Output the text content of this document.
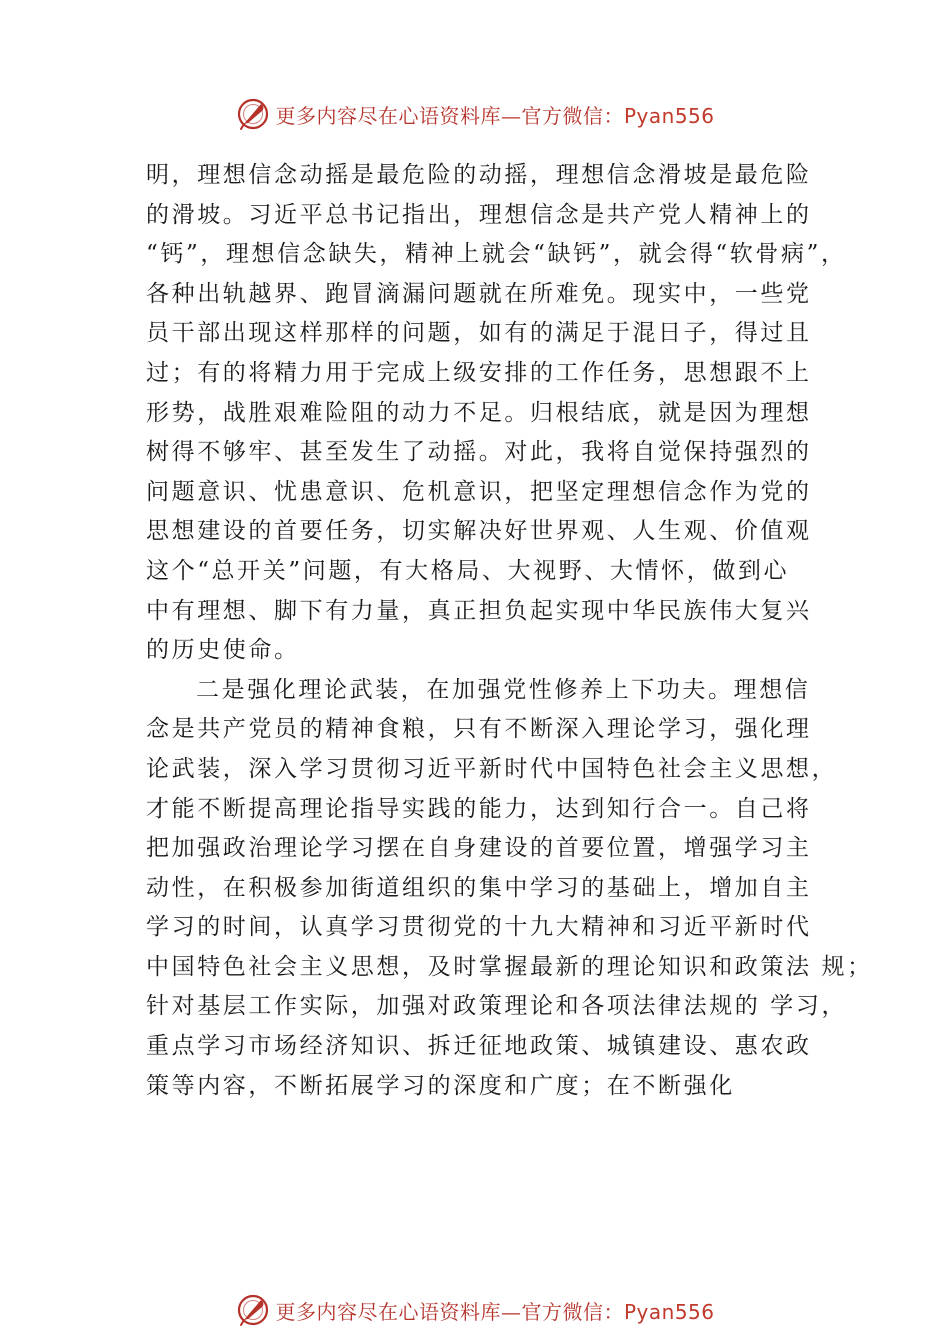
更多内容尽在心语资料库—官方微信：Pyan556
明，理想信念动摇是最危险的动摇，理想信念滑坡是最危险
的滑坡。习近平总书记指出，理想信念是共产党人精神上的
“钙”，理想信念缺失，精神上就会“缺钙”，就会得“软骨病”，
各种出轨越界、跑冒滴漏问题就在所难免。现实中，一些党
员干部出现这样那样的问题，如有的满足于混日子，得过且
过；有的将精力用于完成上级安排的工作任务，思想跟不上
形势，战胜艰难险阻的动力不足。归根结底，就是因为理想
树得不够牢、甚至发生了动摇。对此，我将自觉保持强烈的
问题意识、忧患意识、危机意识，把坚定理想信念作为党的
思想建设的首要任务，切实解决好世界观、人生观、价值观
这个“总开关”问题，有大格局、大视野、大情怀，做到心
中有理想、脚下有力量，真正担负起实现中华民族伟大复兴
的历史使命。
二是强化理论武装，在加强党性修养上下功夫。理想信
念是共产党员的精神食粮，只有不断深入理论学习，强化理
论武装，深入学习贯彻习近平新时代中国特色社会主义思想，
才能不断提高理论指导实践的能力，达到知行合一。自己将
把加强政治理论学习摆在自身建设的首要位置，增强学习主
动性，在积极参加街道组织的集中学习的基础上，增加自主
学习的时间，认真学习贯彻党的十九大精神和习近平新时代
中国特色社会主义思想，及时掌握最新的理论知识和政策法 规；
针对基层工作实际，加强对政策理论和各项法律法规的 学习，
重点学习市场经济知识、拆迁征地政策、城镇建设、惠农政
策等内容，不断拓展学习的深度和广度；在不断强化
更多内容尽在心语资料库—官方微信：Pyan556
